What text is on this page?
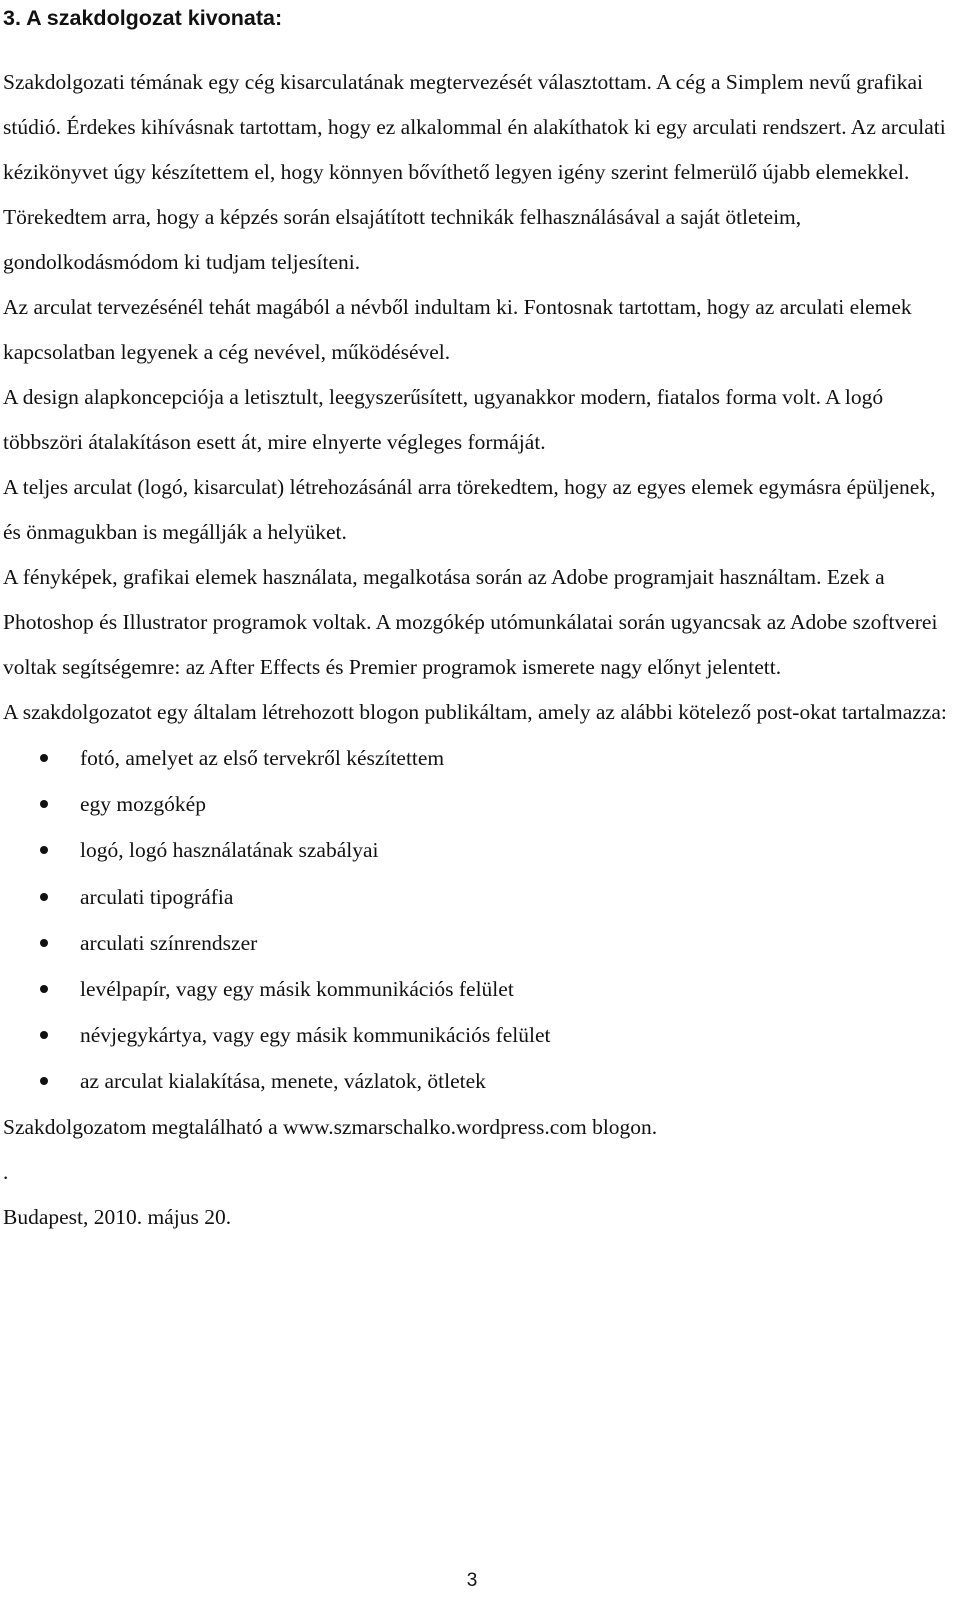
3. A szakdolgozat kivonata:

Szakdolgozati témának egy cég kisarculatának megtervezését választottam. A cég a Simplem nevű grafikai stúdió. Érdekes kihívásnak tartottam, hogy ez alkalommal én alakíthatok ki egy arculati rendszert. Az arculati kézikönyvet úgy készítettem el, hogy könnyen bővíthető legyen igény szerint felmerülő újabb elemekkel. Törekedtem arra, hogy a képzés során elsajátított technikák felhasználásával a saját ötleteim, gondolkodásmódom ki tudjam teljesíteni.

Az arculat tervezésénél tehát magából a névből indultam ki. Fontosnak tartottam, hogy az arculati elemek kapcsolatban legyenek a cég nevével, működésével.

A design alapkoncepciója a letisztult, leegyszerűsített, ugyanakkor modern, fiatalos forma volt. A logó többszöri átalakításon esett át, mire elnyerte végleges formáját.

A teljes arculat (logó, kisarculat) létrehozásánál arra törekedtem, hogy az egyes elemek egymásra épüljenek, és önmagukban is megállják a helyüket.

A fényképek, grafikai elemek használata, megalkotása során az Adobe programjait használtam. Ezek a Photoshop és Illustrator programok voltak. A mozgókép utómunkálatai során ugyancsak az Adobe szoftverei voltak segítségemre: az After Effects és Premier programok ismerete nagy előnyt jelentett.

A szakdolgozatot egy általam létrehozott blogon publikáltam, amely az alábbi kötelező post-okat tartalmazza:

fotó, amelyet az első tervekről készítettem
egy mozgókép
logó, logó használatának szabályai
arculati tipográfia
arculati színrendszer
levélpapír, vagy egy másik kommunikációs felület
névjegykártya, vagy egy másik kommunikációs felület
az arculat kialakítása, menete, vázlatok, ötletek

Szakdolgozatom megtalálható a www.szmarschalko.wordpress.com blogon.

.

Budapest, 2010. május 20.

3
